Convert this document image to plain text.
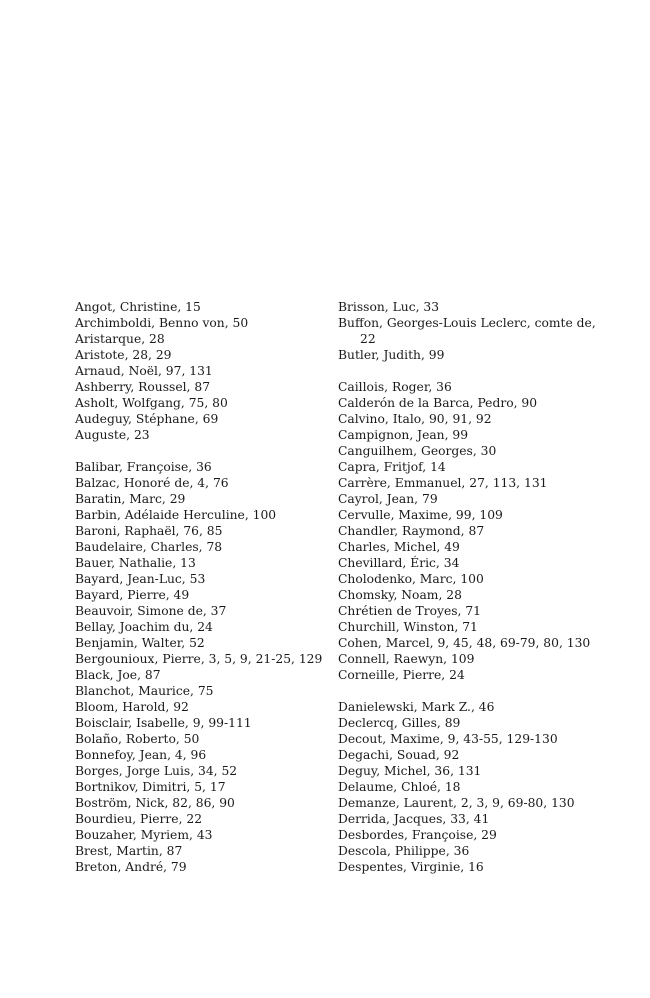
Angot, Christine, 15
Archimboldi, Benno von, 50
Aristarque, 28
Aristote, 28, 29
Arnaud, Noël, 97, 131
Ashberry, Roussel, 87
Asholt, Wolfgang, 75, 80
Audeguy, Stéphane, 69
Auguste, 23
Balibar, Françoise, 36
Balzac, Honoré de, 4, 76
Baratin, Marc, 29
Barbin, Adélaide Herculine, 100
Baroni, Raphaël, 76, 85
Baudelaire, Charles, 78
Bauer, Nathalie, 13
Bayard, Jean-Luc, 53
Bayard, Pierre, 49
Beauvoir, Simone de, 37
Bellay, Joachim du, 24
Benjamin, Walter, 52
Bergounioux, Pierre, 3, 5, 9, 21-25, 129
Black, Joe, 87
Blanchot, Maurice, 75
Bloom, Harold, 92
Boisclair, Isabelle, 9, 99-111
Bolaño, Roberto, 50
Bonnefoy, Jean, 4, 96
Borges, Jorge Luis, 34, 52
Bortnikov, Dimitri, 5, 17
Boström, Nick, 82, 86, 90
Bourdieu, Pierre, 22
Bouzaher, Myriem, 43
Brest, Martin, 87
Breton, André, 79
Brisson, Luc, 33
Buffon, Georges-Louis Leclerc, comte de,
22
Butler, Judith, 99
Caillois, Roger, 36
Calderón de la Barca, Pedro, 90
Calvino, Italo, 90, 91, 92
Campignon, Jean, 99
Canguilhem, Georges, 30
Capra, Fritjof, 14
Carrère, Emmanuel, 27, 113, 131
Cayrol, Jean, 79
Cervulle, Maxime, 99, 109
Chandler, Raymond, 87
Charles, Michel, 49
Chevillard, Éric, 34
Cholodenko, Marc, 100
Chomsky, Noam, 28
Chrétien de Troyes, 71
Churchill, Winston, 71
Cohen, Marcel, 9, 45, 48, 69-79, 80, 130
Connell, Raewyn, 109
Corneille, Pierre, 24
Danielewski, Mark Z., 46
Declercq, Gilles, 89
Decout, Maxime, 9, 43-55, 129-130
Degachi, Souad, 92
Deguy, Michel, 36, 131
Delaume, Chloé, 18
Demanze, Laurent, 2, 3, 9, 69-80, 130
Derrida, Jacques, 33, 41
Desbordes, Françoise, 29
Descola, Philippe, 36
Despentes, Virginie, 16
